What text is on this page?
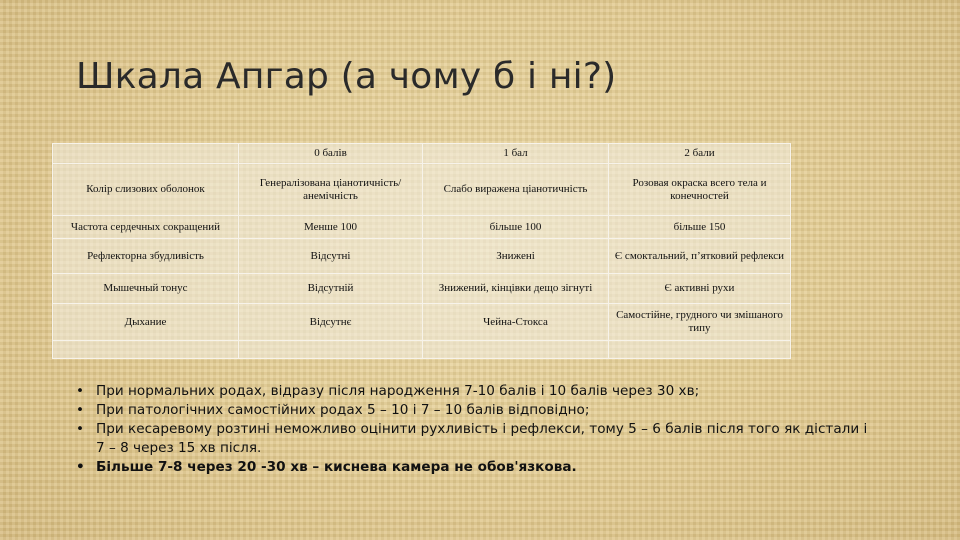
Шкала Апгар (а чому б і ні?)
	0 балів	1 бал	2 бали
Колір слизових оболонок	Генералізована ціанотичність/ анемічність	Слабо виражена ціанотичність	Розовая окраска всего тела и конечностей
Частота сердечных сокращений	Менше 100	більше 100	більше 150
Рефлекторна збудливість	Відсутні	Знижені	Є смоктальний, п’ятковий рефлекси
Мышечный тонус	Відсутній	Знижений, кінцівки дещо зігнуті	Є активні рухи
Дыхание	Відсутнє	Чейна-Стокса	Самостійне, грудного чи змішаного типу

• При нормальних родах, відразу після народження 7-10 балів і 10 балів через 30 хв;
• При патологічних самостійних родах 5 – 10 і 7 – 10 балів відповідно;
• При кесаревому розтині неможливо оцінити рухливість і рефлекси, тому 5 – 6 балів після того як дістали і 7 – 8 через 15 хв після.
• Більше 7-8 через 20 -30 хв – киснева камера не обов'язкова.
